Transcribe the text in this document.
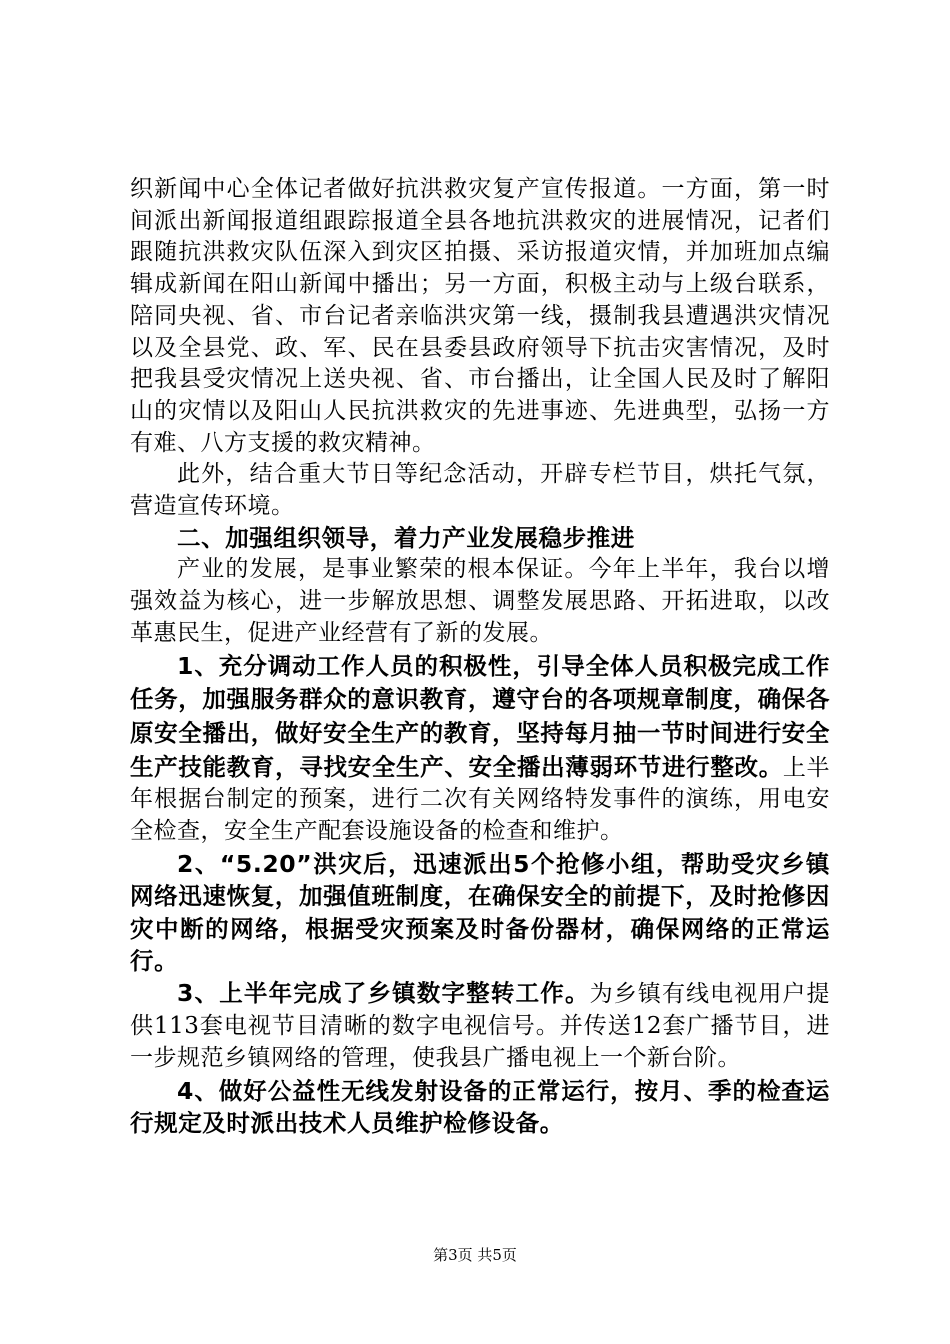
织新闻中心全体记者做好抗洪救灾复产宣传报道。一方面，第一时间派出新闻报道组跟踪报道全县各地抗洪救灾的进展情况，记者们跟随抗洪救灾队伍深入到灾区拍摄、采访报道灾情，并加班加点编辑成新闻在阳山新闻中播出；另一方面，积极主动与上级台联系，陪同央视、省、市台记者亲临洪灾第一线，摄制我县遭遇洪灾情况以及全县党、政、军、民在县委县政府领导下抗击灾害情况，及时把我县受灾情况上送央视、省、市台播出，让全国人民及时了解阳山的灾情以及阳山人民抗洪救灾的先进事迹、先进典型，弘扬一方有难、八方支援的救灾精神。

此外，结合重大节日等纪念活动，开辟专栏节目，烘托气氛，营造宣传环境。

二、加强组织领导，着力产业发展稳步推进

产业的发展，是事业繁荣的根本保证。今年上半年，我台以增强效益为核心，进一步解放思想、调整发展思路、开拓进取，以改革惠民生，促进产业经营有了新的发展。

1、充分调动工作人员的积极性，引导全体人员积极完成工作任务，加强服务群众的意识教育，遵守台的各项规章制度，确保各原安全播出，做好安全生产的教育，坚持每月抽一节时间进行安全生产技能教育，寻找安全生产、安全播出薄弱环节进行整改。上半年根据台制定的预案，进行二次有关网络特发事件的演练，用电安全检查，安全生产配套设施设备的检查和维护。

2、“5.20”洪灾后，迅速派出5个抢修小组，帮助受灾乡镇网络迅速恢复，加强值班制度，在确保安全的前提下，及时抢修因灾中断的网络，根据受灾预案及时备份器材，确保网络的正常运行。

3、上半年完成了乡镇数字整转工作。为乡镇有线电视用户提供113套电视节目清晰的数字电视信号。并传送12套广播节目，进一步规范乡镇网络的管理，使我县广播电视上一个新台阶。

4、做好公益性无线发射设备的正常运行，按月、季的检查运行规定及时派出技术人员维护检修设备。

第3页 共5页
